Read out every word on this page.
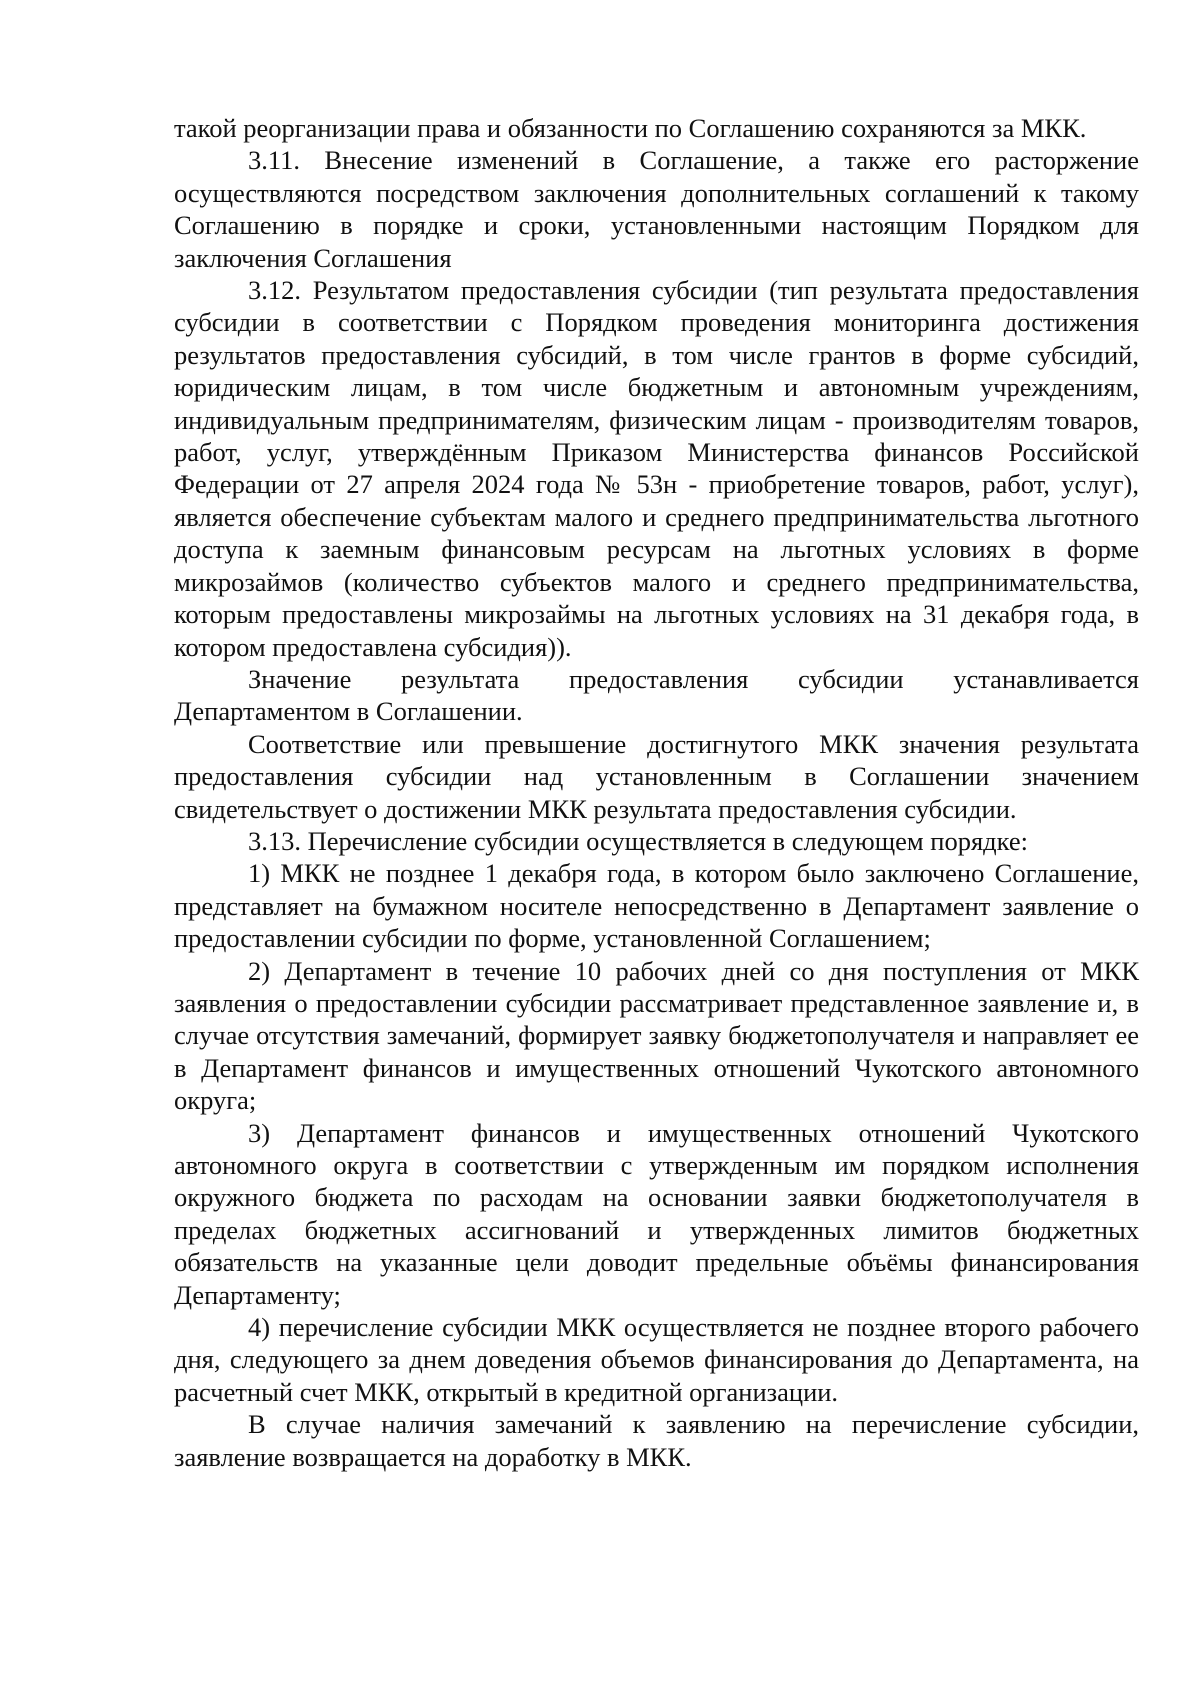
такой реорганизации права и обязанности по Соглашению сохраняются за МКК.

3.11. Внесение изменений в Соглашение, а также его расторжение осуществляются посредством заключения дополнительных соглашений к такому Соглашению в порядке и сроки, установленными настоящим Порядком для заключения Соглашения

3.12. Результатом предоставления субсидии (тип результата предоставления субсидии в соответствии с Порядком проведения мониторинга достижения результатов предоставления субсидий, в том числе грантов в форме субсидий, юридическим лицам, в том числе бюджетным и автономным учреждениям, индивидуальным предпринимателям, физическим лицам - производителям товаров, работ, услуг, утверждённым Приказом Министерства финансов Российской Федерации от 27 апреля 2024 года № 53н - приобретение товаров, работ, услуг), является обеспечение субъектам малого и среднего предпринимательства льготного доступа к заемным финансовым ресурсам на льготных условиях в форме микрозаймов (количество субъектов малого и среднего предпринимательства, которым предоставлены микрозаймы на льготных условиях на 31 декабря года, в котором предоставлена субсидия)).

Значение результата предоставления субсидии устанавливается Департаментом в Соглашении.

Соответствие или превышение достигнутого МКК значения результата предоставления субсидии над установленным в Соглашении значением свидетельствует о достижении МКК результата предоставления субсидии.

3.13. Перечисление субсидии осуществляется в следующем порядке:

1) МКК не позднее 1 декабря года, в котором было заключено Соглашение, представляет на бумажном носителе непосредственно в Департамент заявление о предоставлении субсидии по форме, установленной Соглашением;

2) Департамент в течение 10 рабочих дней со дня поступления от МКК заявления о предоставлении субсидии рассматривает представленное заявление и, в случае отсутствия замечаний, формирует заявку бюджетополучателя и направляет ее в Департамент финансов и имущественных отношений Чукотского автономного округа;

3) Департамент финансов и имущественных отношений Чукотского автономного округа в соответствии с утвержденным им порядком исполнения окружного бюджета по расходам на основании заявки бюджетополучателя в пределах бюджетных ассигнований и утвержденных лимитов бюджетных обязательств на указанные цели доводит предельные объёмы финансирования Департаменту;

4) перечисление субсидии МКК осуществляется не позднее второго рабочего дня, следующего за днем доведения объемов финансирования до Департамента, на расчетный счет МКК, открытый в кредитной организации.

В случае наличия замечаний к заявлению на перечисление субсидии, заявление возвращается на доработку в МКК.
